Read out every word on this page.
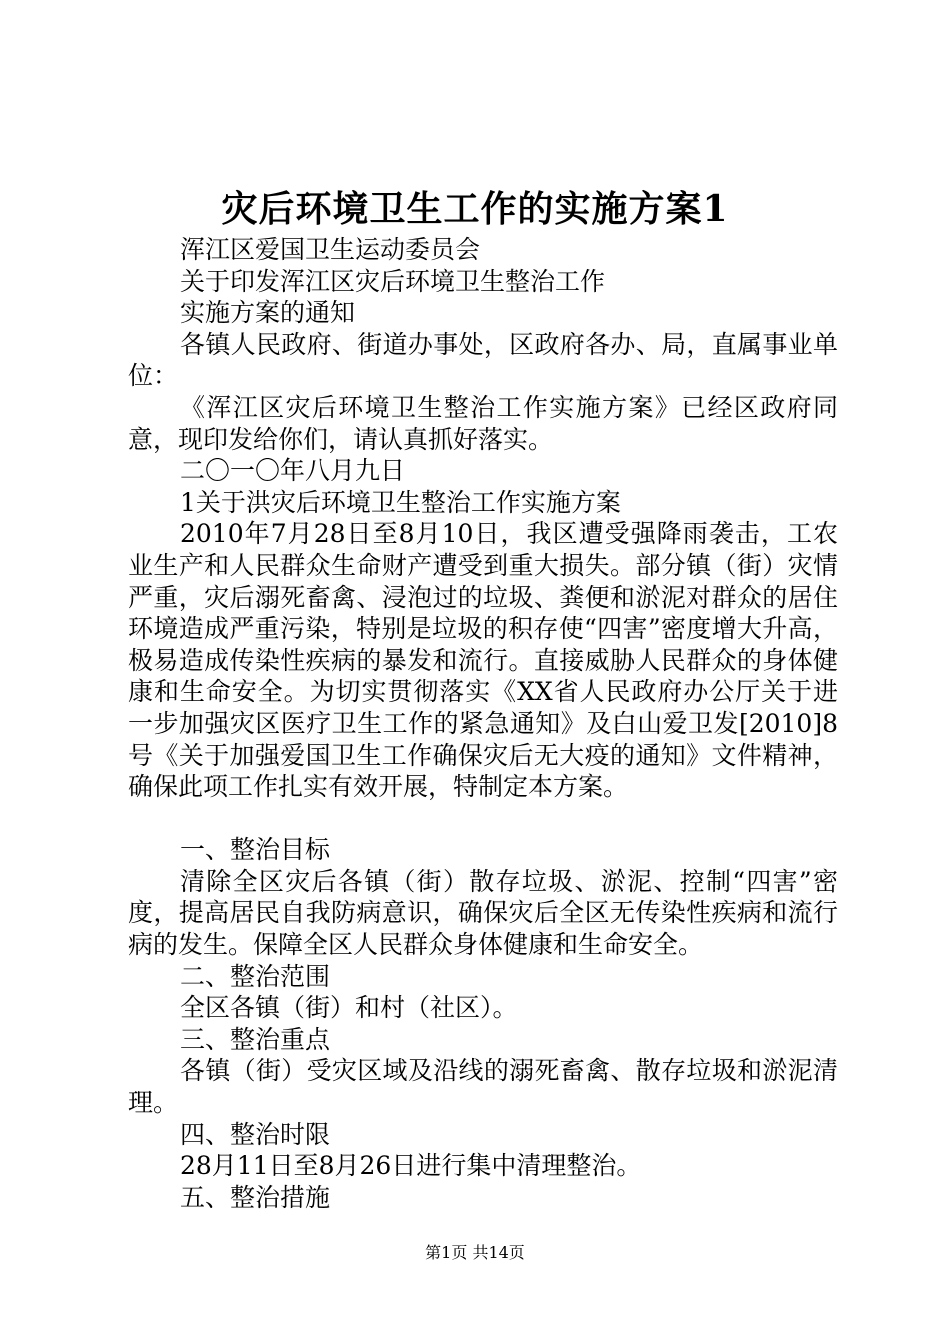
灾后环境卫生工作的实施方案1

浑江区爱国卫生运动委员会

关于印发浑江区灾后环境卫生整治工作

实施方案的通知

各镇人民政府、街道办事处，区政府各办、局，直属事业单位：

《浑江区灾后环境卫生整治工作实施方案》已经区政府同意，现印发给你们，请认真抓好落实。

二〇一〇年八月九日

1关于洪灾后环境卫生整治工作实施方案

2010年7月28日至8月10日，我区遭受强降雨袭击，工农业生产和人民群众生命财产遭受到重大损失。部分镇（街）灾情严重，灾后溺死畜禽、浸泡过的垃圾、粪便和淤泥对群众的居住环境造成严重污染，特别是垃圾的积存使“四害”密度增大升高，极易造成传染性疾病的暴发和流行。直接威胁人民群众的身体健康和生命安全。为切实贯彻落实《XX省人民政府办公厅关于进一步加强灾区医疗卫生工作的紧急通知》及白山爱卫发[2010]8号《关于加强爱国卫生工作确保灾后无大疫的通知》文件精神，确保此项工作扎实有效开展，特制定本方案。

一、整治目标

清除全区灾后各镇（街）散存垃圾、淤泥、控制“四害”密度，提高居民自我防病意识，确保灾后全区无传染性疾病和流行病的发生。保障全区人民群众身体健康和生命安全。

二、整治范围

全区各镇（街）和村（社区）。

三、整治重点

各镇（街）受灾区域及沿线的溺死畜禽、散存垃圾和淤泥清理。

四、整治时限

28月11日至8月26日进行集中清理整治。

五、整治措施

第1页 共14页
